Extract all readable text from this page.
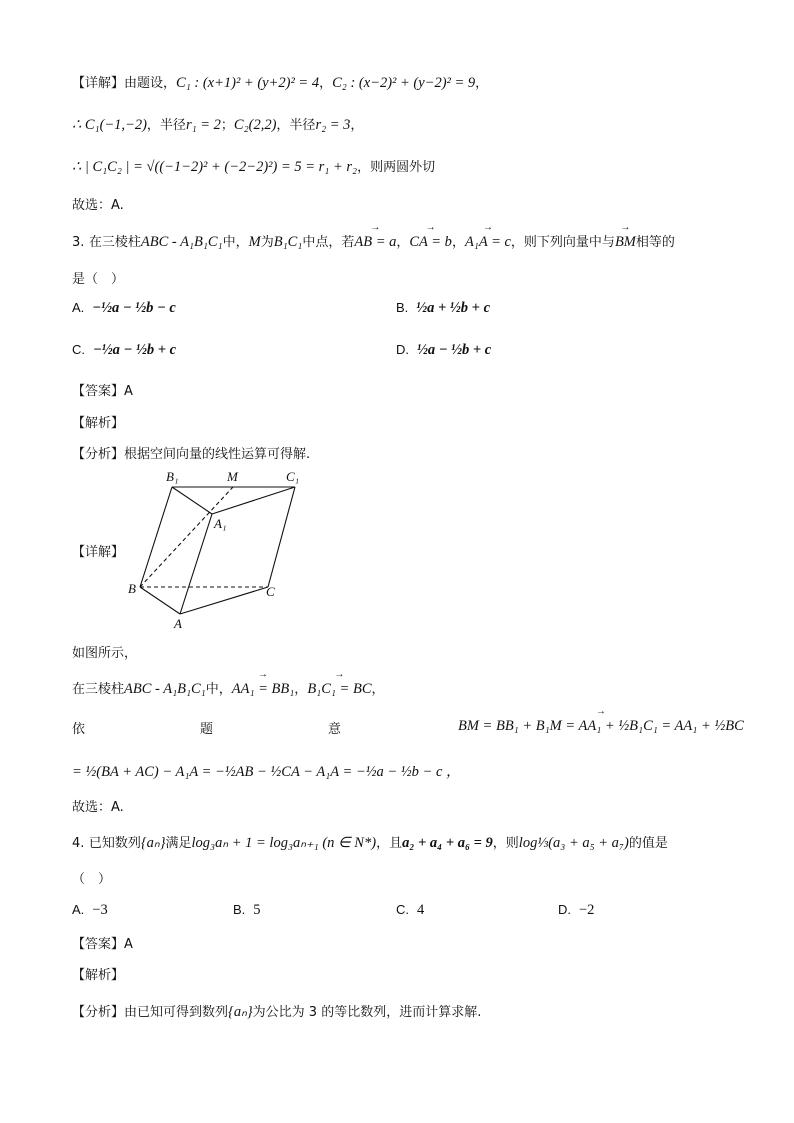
【详解】由题设，C₁ : (x+1)² + (y+2)² = 4，C₂ : (x−2)² + (y−2)² = 9，
∴ C₁(−1,−2)，半径r₁ = 2；C₂(2,2)，半径r₂ = 3，
∴ | C₁C₂ | = √((−1−2)² + (−2−2)²) = 5 = r₁ + r₂，则两圆外切
故选：A.
3. 在三棱柱ABC - A₁B₁C₁中，M为B₁C₁中点，若→ AB = a，→ CA = b，→ A₁A = c，则下列向量中与→ BM相等的
是（　）
A. −½a − ½b − c	B. ½a + ½b + c
C. −½a − ½b + c	D. ½a − ½b + c
【答案】A
【解析】
【分析】根据空间向量的线性运算可得解.
【详解】
B₁	M	C₁
A₁
B	C
A
如图所示，
在三棱柱ABC - A₁B₁C₁中，→ AA₁ = BB₁，→ B₁C₁ = BC，
依	题	意
→	BM = BB₁ + B₁M = AA₁ + ½B₁C₁ = AA₁ + ½BC
= ½(BA + AC) − A₁A = −½AB − ½CA − A₁A = −½a − ½b − c ，
故选：A.
4. 已知数列{aₙ}满足log₃aₙ + 1 = log₃aₙ₊₁ (n ∈ N*)，且a₂ + a₄ + a₆ = 9，则log⅓(a₃ + a₅ + a₇)的值是
（　）
A. −3	B. 5	C. 4	D. −2
【答案】A
【解析】
【分析】由已知可得到数列{aₙ}为公比为 3 的等比数列，进而计算求解.
